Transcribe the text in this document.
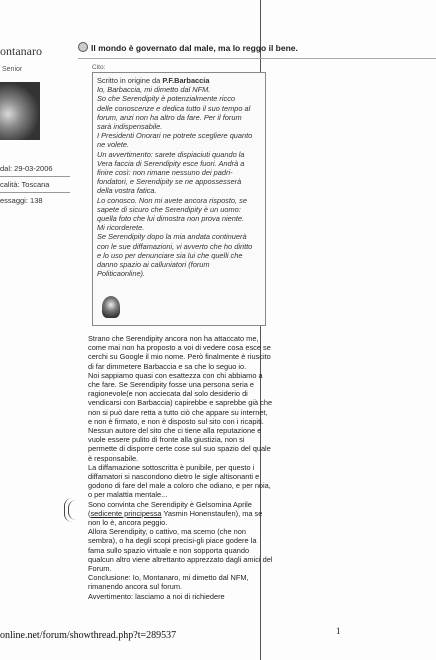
ontanaro
Senior
dal: 29-03-2006
calità: Toscana
essaggi: 138
Il mondo è governato dal male, ma lo reggo il bene.
Cito:

Scritto in origine da P.F.Barbaccia

Io, Barbaccia, mi dimetto dal NFM.

So che Serendipity è potenzialmente ricco

delle conoscenze e dedica tutto il suo tempo al

forum, anzi non ha altro da fare. Per il forum

sarà indispensabile.

I Presidenti Onorari ne potrete scegliere quanto

ne volete.

Un avvertimento: sarete dispiaciuti quando la

Vera faccia di Serendipity esce fuori. Andrà a

finire così: non rimane nessuno dei padri-

fondatori, e Serendipity se ne appossesserà

della vostra fatica.

Lo conosco. Non mi avete ancora risposto, se

sapete di sicuro che Serendipity è un uomo:

quella foto che lui dimostra non prova niente.

Mi ricorderete.

Se Serendipity dopo la mia andata continuerà

con le sue diffamazioni, vi avverto che ho diritto

e lo uso per denunciare sia lui che quelli che

danno spazio ai calluniatori (forum

Politicaonline).

Strano che Serendipity ancora non ha attaccato me,

come mai non ha proposto a voi di vedere cosa esce se

cerchi su Google il mio nome. Però finalmente è riuscito

di far dimmetere Barbaccia e sa che lo seguo io.

Noi sappiamo quasi con esattezza con chi abbiamo a

che fare. Se Serendipity fosse una persona seria e

ragionevole(e non acciecata dal solo desiderio di

vendicarsi con Barbaccia) capirebbe e saprebbe già che

non si può dare retta a tutto ciò che appare su internet,

e non è firmato, e non è disposto sul sito con i ricapiti.

Nessun autore del sito che ci tiene alla reputazione e

vuole essere pulito di fronte alla giustizia, non si

permette di disporre certe cose sul suo spazio del quale

è responsabile.

La diffamazione sottoscritta è punibile, per questo i

diffamatori si nascondono dietro le sigle altisonanti e

godono di fare del male a coloro che odiano, e per noia,

o per malattia mentale...

Sono convinta che Serendipity è Gelsomina Aprile

(sedicente principessa Yasmin Honenstaufen), ma se

non lo è, ancora peggio.

Allora Serendipity, o cattivo, ma scemo (che non

sembra), o ha degli scopi precisi-gli piace godere la

fama sullo spazio virtuale e non sopporta quando

qualcun altro viene altrettanto apprezzato dagli amici del

Forum.

Conclusione: Io, Montanaro, mi dimetto dal NFM,

rimanendo ancora sul forum.

Avvertimento: lasciamo a noi di richiedere

online.net/forum/showthread.php?t=289537	1
